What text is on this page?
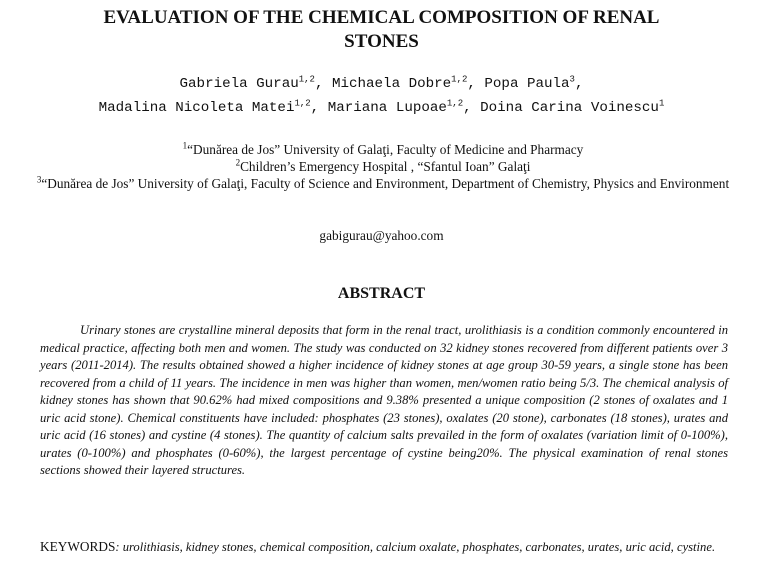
EVALUATION OF THE CHEMICAL COMPOSITION OF RENAL
STONES
Gabriela Gurau$^{1,2}$, Michaela Dobre$^{1,2}$, Popa Paula$^3$,
Madalina Nicoleta Matei$^{1,2}$, Mariana Lupoae$^{1,2}$, Doina Carina Voinescu$^1$
$^1$“Dunărea de Jos” University of Galaţi, Faculty of Medicine and Pharmacy
$^2$Children’s Emergency Hospital , “Sfantul Ioan” Galaţi
$^3$“Dunărea de Jos” University of Galaţi, Faculty of Science and Environment, Department of Chemistry, Physics and Environment
gabigurau@yahoo.com
ABSTRACT

Urinary stones are crystalline mineral deposits that form in the renal tract, urolithiasis is a condition commonly encountered in medical practice, affecting both men and women. The study was conducted on 32 kidney stones recovered from different patients over 3 years (2011-2014). The results obtained showed a higher incidence of kidney stones at age group 30-59 years, a single stone has been recovered from a child of 11 years. The incidence in men was higher than women, men/women ratio being 5/3. The chemical analysis of kidney stones has shown that 90.62% had mixed compositions and 9.38% presented a unique composition (2 stones of oxalates and 1 uric acid stone). Chemical constituents have included: phosphates (23 stones), oxalates (20 stone), carbonates (18 stones), urates and uric acid (16 stones) and cystine (4 stones). The quantity of calcium salts prevailed in the form of oxalates (variation limit of 0-100%), urates (0-100%) and phosphates (0-60%), the largest percentage of cystine being20%. The physical examination of renal stones sections showed their layered structures.

KEYWORDS: urolithiasis, kidney stones, chemical composition, calcium oxalate, phosphates, carbonates, urates, uric acid, cystine.
